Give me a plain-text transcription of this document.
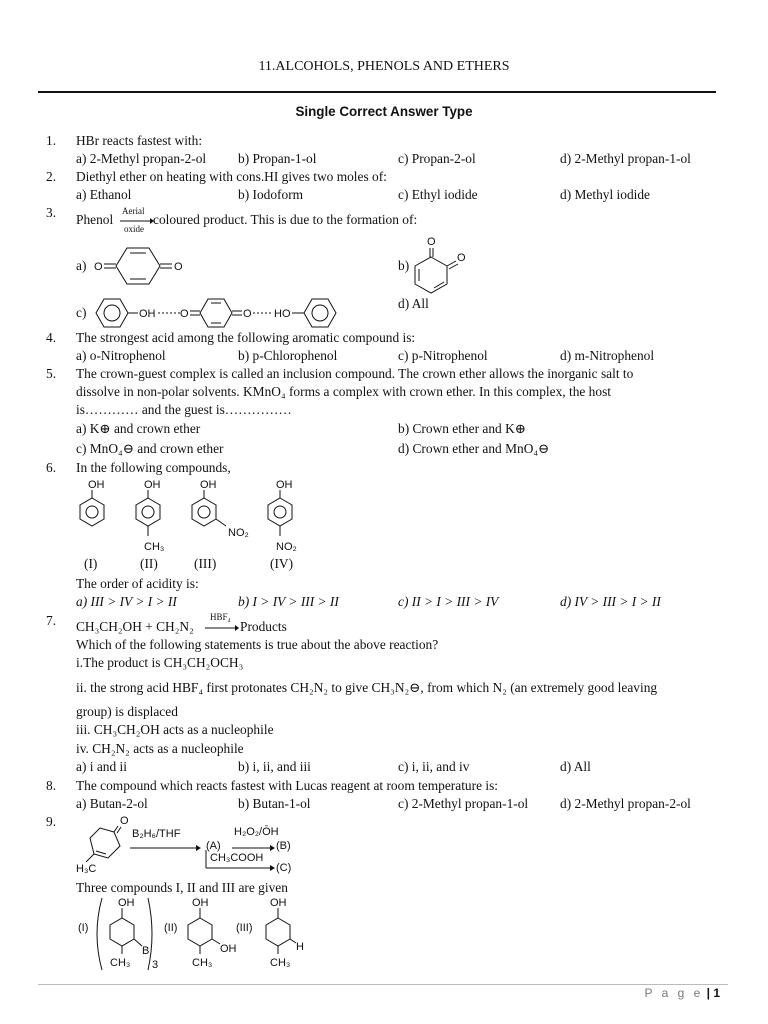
11.ALCOHOLS, PHENOLS AND ETHERS
Single Correct Answer Type
1. HBr reacts fastest with:
a) 2-Methyl propan-2-ol b) Propan-1-ol	c) Propan-2-ol	d) 2-Methyl propan-1-ol
2. Diethyl ether on heating with cons.HI gives two moles of:
a) Ethanol	b) Iodoform	c) Ethyl iodide	d) Methyl iodide
3. Phenol
Aerial
oxide
coloured product. This is due to the formation of:
a) O	O	b)
O
O
c)	OH O	O HO
d) All
4. The strongest acid among the following aromatic compound is:
a) o-Nitrophenol	b) p-Chlorophenol	c) p-Nitrophenol	d) m-Nitrophenol
5. The crown-guest complex is called an inclusion compound. The crown ether allows the inorganic salt to
dissolve in non-polar solvents. KMnO₄ forms a complex with crown ether. In this complex, the host
is………… and the guest is……………
a) K⊕ and crown ether	b) Crown ether and K⊕
c) MnO₄⊖ and crown ether	d) Crown ether and MnO₄⊖
6. In the following compounds,
OH	OH
CH₃
OH
NO₂
OH
NO₂
(I)	(II)	(III)	(IV)
The order of acidity is:
a) III > IV > I > II	b) I > IV > III > II	c) II > I > III > IV	d) IV > III > I > II
7. CH₃CH₂OH + CH₂N₂
HBF₄
→ Products
Which of the following statements is true about the above reaction?
i.The product is CH₃CH₂OCH₃
ii. the strong acid HBF₄ first protonates CH₂N₂ to give CH₃N₂⊖, from which N₂ (an extremely good leaving
group) is displaced
iii. CH₃CH₂OH acts as a nucleophile
iv. CH₂N₂ acts as a nucleophile
a) i and ii	b) i, ii, and iii	c) i, ii, and iv	d) All
8. The compound which reacts fastest with Lucas reagent at room temperature is:
a) Butan-2-ol	b) Butan-1-ol	c) 2-Methyl propan-1-ol d) 2-Methyl propan-2-ol
9.	O
H₃C
B₂H₆/THF
(A)
H₂O₂/ŌH
→ (B)
CH₃COOH
(C)
Three compounds I, II and III are given
(I)
OH
B
CH₃ 3
(II)
OH
OH
CH₃
(III)
OH
H
CH₃
P a g e | 1
